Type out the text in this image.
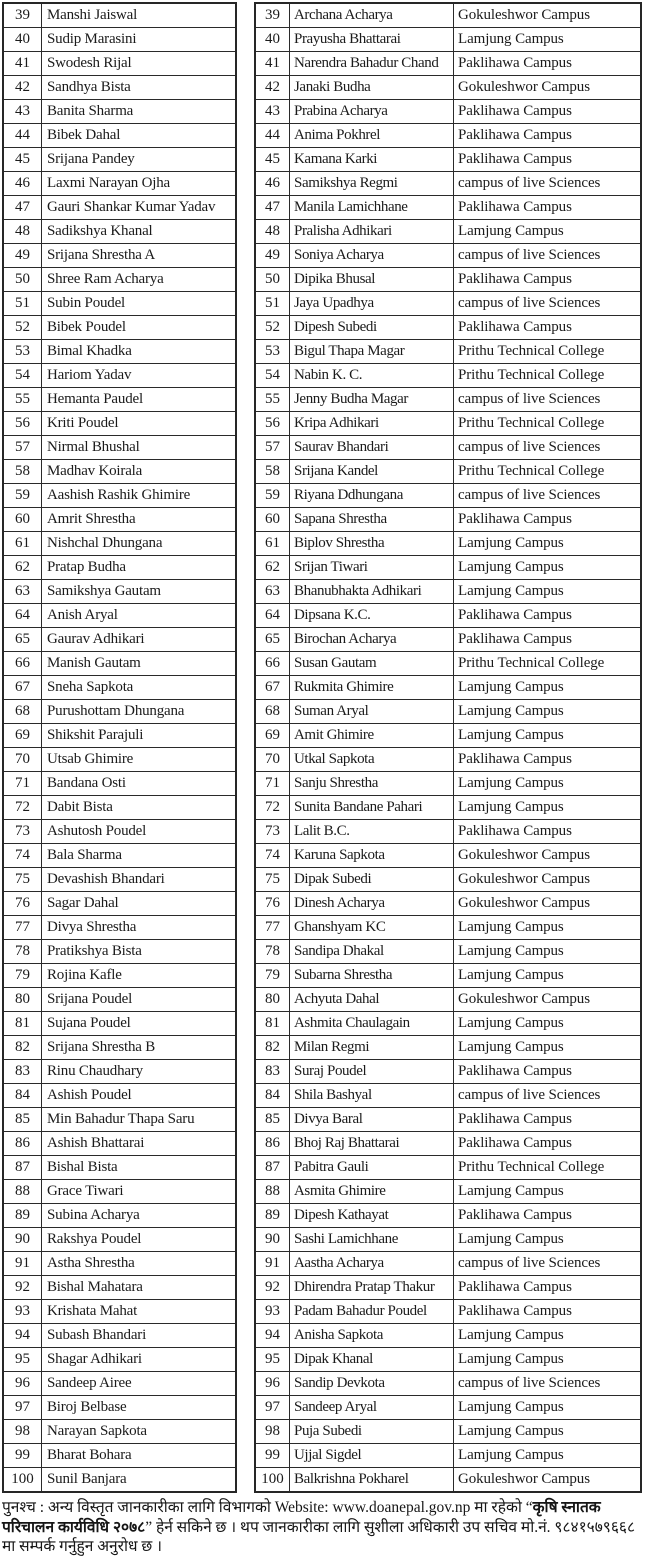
39	Manshi Jaiswal
40	Sudip Marasini
41	Swodesh Rijal
42	Sandhya Bista
43	Banita Sharma
44	Bibek Dahal
45	Srijana Pandey
46	Laxmi Narayan Ojha
47	Gauri Shankar Kumar Yadav
48	Sadikshya Khanal
49	Srijana Shrestha A
50	Shree Ram Acharya
51	Subin Poudel
52	Bibek Poudel
53	Bimal Khadka
54	Hariom Yadav
55	Hemanta Paudel
56	Kriti Poudel
57	Nirmal Bhushal
58	Madhav Koirala
59	Aashish Rashik Ghimire
60	Amrit Shrestha
61	Nishchal Dhungana
62	Pratap Budha
63	Samikshya Gautam
64	Anish Aryal
65	Gaurav Adhikari
66	Manish Gautam
67	Sneha Sapkota
68	Purushottam Dhungana
69	Shikshit Parajuli
70	Utsab Ghimire
71	Bandana Osti
72	Dabit Bista
73	Ashutosh Poudel
74	Bala Sharma
75	Devashish Bhandari
76	Sagar Dahal
77	Divya Shrestha
78	Pratikshya Bista
79	Rojina Kafle
80	Srijana Poudel
81	Sujana Poudel
82	Srijana Shrestha B
83	Rinu Chaudhary
84	Ashish Poudel
85	Min Bahadur Thapa Saru
86	Ashish Bhattarai
87	Bishal Bista
88	Grace Tiwari
89	Subina Acharya
90	Rakshya Poudel
91	Astha Shrestha
92	Bishal Mahatara
93	Krishata Mahat
94	Subash Bhandari
95	Shagar Adhikari
96	Sandeep Airee
97	Biroj Belbase
98	Narayan Sapkota
99	Bharat Bohara
100	Sunil Banjara
39	Archana Acharya	Gokuleshwor Campus
40	Prayusha Bhattarai	Lamjung Campus
41	Narendra Bahadur Chand	Paklihawa Campus
42	Janaki Budha	Gokuleshwor Campus
43	Prabina Acharya	Paklihawa Campus
44	Anima Pokhrel	Paklihawa Campus
45	Kamana Karki	Paklihawa Campus
46	Samikshya Regmi	campus of live Sciences
47	Manila Lamichhane	Paklihawa Campus
48	Pralisha Adhikari	Lamjung Campus
49	Soniya Acharya	campus of live Sciences
50	Dipika Bhusal	Paklihawa Campus
51	Jaya Upadhya	campus of live Sciences
52	Dipesh Subedi	Paklihawa Campus
53	Bigul Thapa Magar	Prithu Technical College
54	Nabin K. C.	Prithu Technical College
55	Jenny Budha Magar	campus of live Sciences
56	Kripa Adhikari	Prithu Technical College
57	Saurav Bhandari	campus of live Sciences
58	Srijana Kandel	Prithu Technical College
59	Riyana Ddhungana	campus of live Sciences
60	Sapana Shrestha	Paklihawa Campus
61	Biplov Shrestha	Lamjung Campus
62	Srijan Tiwari	Lamjung Campus
63	Bhanubhakta Adhikari	Lamjung Campus
64	Dipsana K.C.	Paklihawa Campus
65	Birochan Acharya	Paklihawa Campus
66	Susan Gautam	Prithu Technical College
67	Rukmita Ghimire	Lamjung Campus
68	Suman Aryal	Lamjung Campus
69	Amit Ghimire	Lamjung Campus
70	Utkal Sapkota	Paklihawa Campus
71	Sanju Shrestha	Lamjung Campus
72	Sunita Bandane Pahari	Lamjung Campus
73	Lalit B.C.	Paklihawa Campus
74	Karuna Sapkota	Gokuleshwor Campus
75	Dipak Subedi	Gokuleshwor Campus
76	Dinesh Acharya	Gokuleshwor Campus
77	Ghanshyam KC	Lamjung Campus
78	Sandipa Dhakal	Lamjung Campus
79	Subarna Shrestha	Lamjung Campus
80	Achyuta Dahal	Gokuleshwor Campus
81	Ashmita Chaulagain	Lamjung Campus
82	Milan Regmi	Lamjung Campus
83	Suraj Poudel	Paklihawa Campus
84	Shila Bashyal	campus of live Sciences
85	Divya Baral	Paklihawa Campus
86	Bhoj Raj Bhattarai	Paklihawa Campus
87	Pabitra Gauli	Prithu Technical College
88	Asmita Ghimire	Lamjung Campus
89	Dipesh Kathayat	Paklihawa Campus
90	Sashi Lamichhane	Lamjung Campus
91	Aastha Acharya	campus of live Sciences
92	Dhirendra Pratap Thakur	Paklihawa Campus
93	Padam Bahadur Poudel	Paklihawa Campus
94	Anisha Sapkota	Lamjung Campus
95	Dipak Khanal	Lamjung Campus
96	Sandip Devkota	campus of live Sciences
97	Sandeep Aryal	Lamjung Campus
98	Puja Subedi	Lamjung Campus
99	Ujjal Sigdel	Lamjung Campus
100	Balkrishna Pokharel	Gokuleshwor Campus
पुनश्च : अन्य विस्तृत जानकारीका लागि विभागको Website: www.doanepal.gov.np मा रहेको “कृषि स्नातक परिचालन कार्यविधि २०७८” हेर्न सकिने छ । थप जानकारीका लागि सुशीला अधिकारी उप सचिव मो.नं. ९८४१५७९६६८ मा सम्पर्क गर्नुहुन अनुरोध छ ।
